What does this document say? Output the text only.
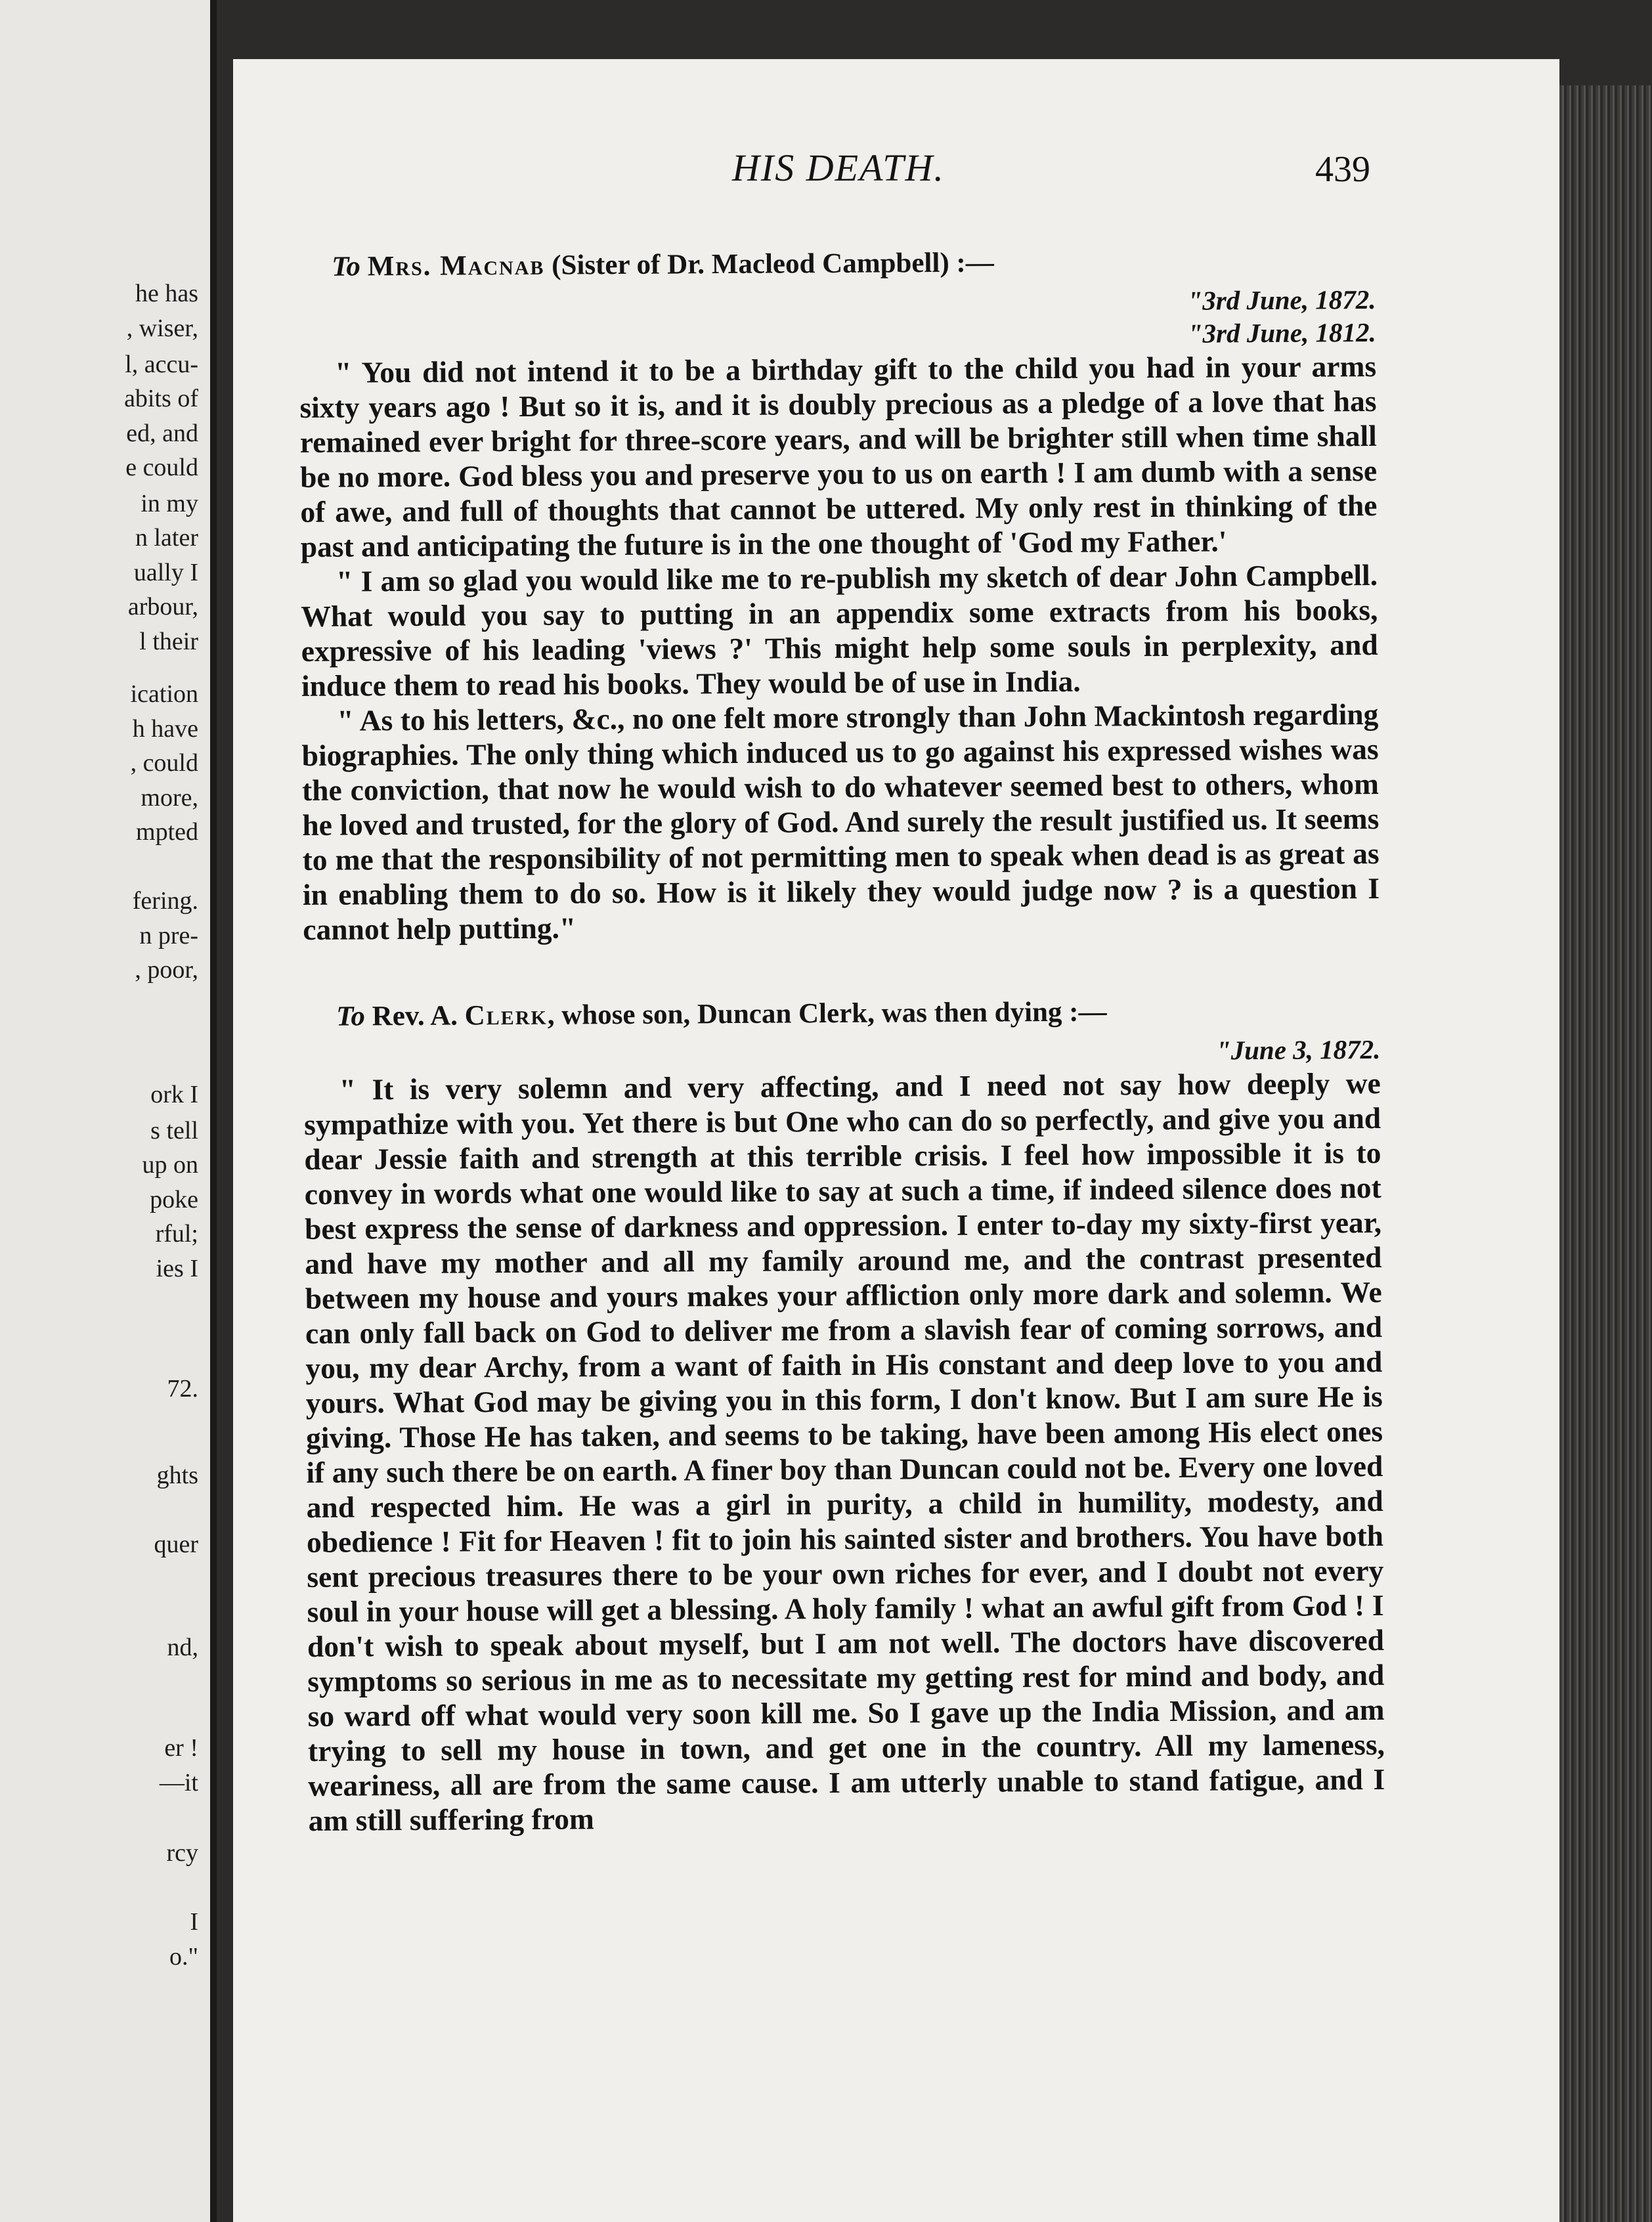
he has
, wiser,
l, accu-
abits of
ed, and
e could
in my
n later
ually I
arbour,
l their
ication
h have
, could
more,
mpted
fering.
n pre-
, poor,
ork I
s tell
up on
poke
rful;
ies I
72.
ghts
quer
nd,
er !
—it
rcy
I
o."
HIS DEATH.	439
To Mrs. Macnab (Sister of Dr. Macleod Campbell) :—
"3rd June, 1872.
"3rd June, 1812.

" You did not intend it to be a birthday gift to the child you had in your arms sixty years ago ! But so it is, and it is doubly precious as a pledge of a love that has remained ever bright for three-score years, and will be brighter still when time shall be no more. God bless you and preserve you to us on earth ! I am dumb with a sense of awe, and full of thoughts that cannot be uttered. My only rest in thinking of the past and anticipating the future is in the one thought of 'God my Father.'

" I am so glad you would like me to re-publish my sketch of dear John Campbell. What would you say to putting in an appendix some extracts from his books, expressive of his leading 'views ?' This might help some souls in perplexity, and induce them to read his books. They would be of use in India.

" As to his letters, &c., no one felt more strongly than John Mackintosh regarding biographies. The only thing which induced us to go against his expressed wishes was the conviction, that now he would wish to do whatever seemed best to others, whom he loved and trusted, for the glory of God. And surely the result justified us. It seems to me that the responsibility of not permitting men to speak when dead is as great as in enabling them to do so. How is it likely they would judge now ? is a question I cannot help putting."

To Rev. A. Clerk, whose son, Duncan Clerk, was then dying :—
"June 3, 1872.

" It is very solemn and very affecting, and I need not say how deeply we sympathize with you. Yet there is but One who can do so perfectly, and give you and dear Jessie faith and strength at this terrible crisis. I feel how impossible it is to convey in words what one would like to say at such a time, if indeed silence does not best express the sense of darkness and oppression. I enter to-day my sixty-first year, and have my mother and all my family around me, and the contrast presented between my house and yours makes your affliction only more dark and solemn. We can only fall back on God to deliver me from a slavish fear of coming sorrows, and you, my dear Archy, from a want of faith in His constant and deep love to you and yours. What God may be giving you in this form, I don't know. But I am sure He is giving. Those He has taken, and seems to be taking, have been among His elect ones if any such there be on earth. A finer boy than Duncan could not be. Every one loved and respected him. He was a girl in purity, a child in humility, modesty, and obedience ! Fit for Heaven ! fit to join his sainted sister and brothers. You have both sent precious treasures there to be your own riches for ever, and I doubt not every soul in your house will get a blessing. A holy family ! what an awful gift from God ! I don't wish to speak about myself, but I am not well. The doctors have discovered symptoms so serious in me as to necessitate my getting rest for mind and body, and so ward off what would very soon kill me. So I gave up the India Mission, and am trying to sell my house in town, and get one in the country. All my lameness, weariness, all are from the same cause. I am utterly unable to stand fatigue, and I am still suffering from
